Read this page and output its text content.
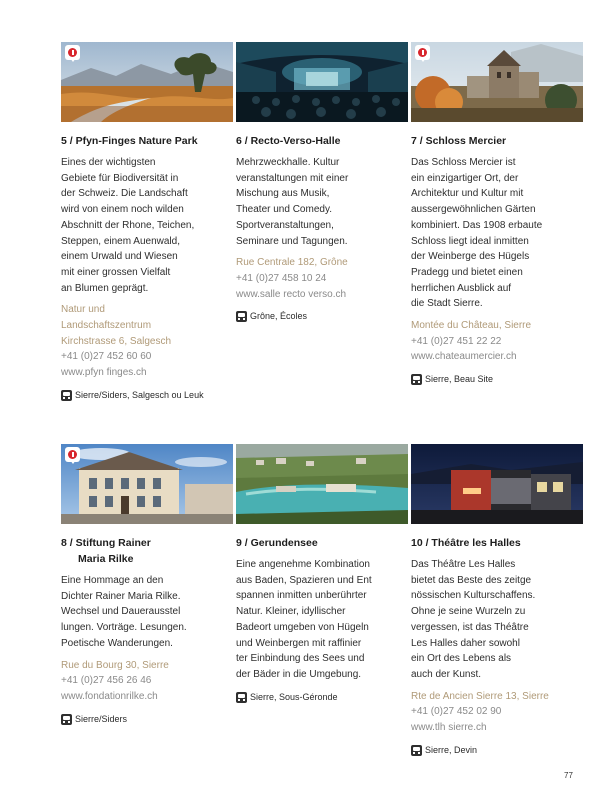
5 / Pfyn-Finges Nature Park
Eines der wichtigsten
Gebiete für Biodiversität in
der Schweiz. Die Landschaft
wird von einem noch wilden
Abschnitt der Rhone, Teichen,
Steppen, einem Auenwald,
einem Urwald und Wiesen
mit einer grossen Vielfalt
an Blumen geprägt.
Natur und
Landschaftszentrum
Kirchstrasse 6, Salgesch
+41 (0)27 452 60 60
www.pfyn finges.ch
Sierre/Siders, Salgesch ou Leuk
6 / Recto-Verso-Halle
Mehrzweckhalle. Kultur
veranstaltungen mit einer
Mischung aus Musik,
Theater und Comedy.
Sportveranstaltungen,
Seminare und Tagungen.
Rue Centrale 182, Grône
+41 (0)27 458 10 24
www.salle recto verso.ch
Grône, Écoles
7 / Schloss Mercier
Das Schloss Mercier ist
ein einzigartiger Ort, der
Architektur und Kultur mit
aussergewöhnlichen Gärten
kombiniert. Das 1908 erbaute
Schloss liegt ideal inmitten
der Weinberge des Hügels
Pradegg und bietet einen
herrlichen Ausblick auf
die Stadt Sierre.
Montée du Château, Sierre
+41 (0)27 451 22 22
www.chateaumercier.ch
Sierre, Beau Site
8 / Stiftung Rainer
Maria Rilke
Eine Hommage an den
Dichter Rainer Maria Rilke.
Wechsel und Dauerausstel
lungen. Vorträge. Lesungen.
Poetische Wanderungen.
Rue du Bourg 30, Sierre
+41 (0)27 456 26 46
www.fondationrilke.ch
Sierre/Siders
9 / Gerundensee
Eine angenehme Kombination
aus Baden, Spazieren und Ent
spannen inmitten unberührter
Natur. Kleiner, idyllischer
Badeort umgeben von Hügeln
und Weinbergen mit raffinier
ter Einbindung des Sees und
der Bäder in die Umgebung.
Sierre, Sous-Géronde
10 / Théâtre les Halles
Das Théâtre Les Halles
bietet das Beste des zeitge
nössischen Kulturschaffens.
Ohne je seine Wurzeln zu
vergessen, ist das Théâtre
Les Halles daher sowohl
ein Ort des Lebens als
auch der Kunst.
Rte de Ancien Sierre 13, Sierre
+41 (0)27 452 02 90
www.tlh sierre.ch
Sierre, Devin
77
